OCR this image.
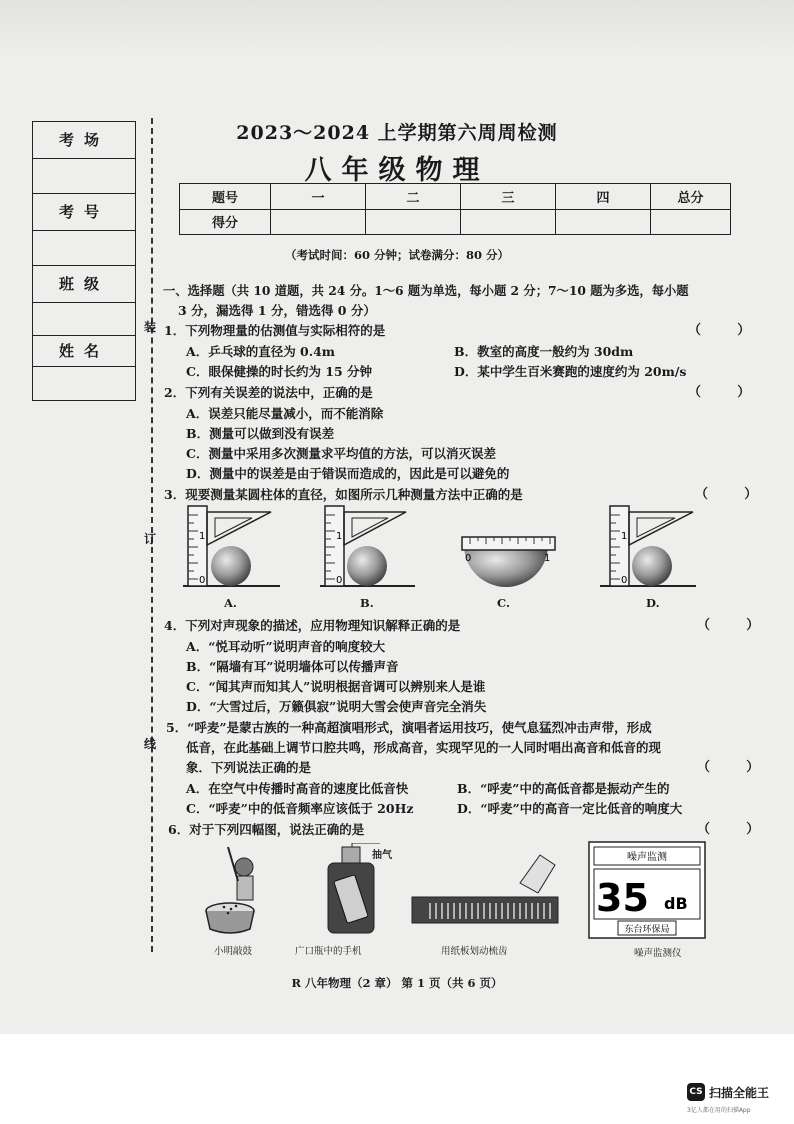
考场
考号
班级
姓名
装
订
线
2023～2024 上学期第六周周检测
八年级物理
题号	一	二	三	四	总分
得分					
（考试时间：60 分钟；试卷满分：80 分）
一、选择题（共 10 道题，共 24 分。1～6 题为单选，每小题 2 分；7～10 题为多选，每小题
3 分，漏选得 1 分，错选得 0 分）
1．下列物理量的估测值与实际相符的是	（        ）
A．乒乓球的直径为 0.4m	B．教室的高度一般约为 30dm
C．眼保健操的时长约为 15 分钟	D．某中学生百米赛跑的速度约为 20m/s
2．下列有关误差的说法中，正确的是	（        ）
A．误差只能尽量减小，而不能消除
B．测量可以做到没有误差
C．测量中采用多次测量求平均值的方法，可以消灭误差
D．测量中的误差是由于错误而造成的，因此是可以避免的
3．现要测量某圆柱体的直径，如图所示几种测量方法中正确的是	（        ）
1
0
1
0
0	1
1
0
A.	B.	C.	D.
4．下列对声现象的描述，应用物理知识解释正确的是	（        ）
A．“悦耳动听”说明声音的响度较大
B．“隔墙有耳”说明墙体可以传播声音
C．“闻其声而知其人”说明根据音调可以辨别来人是谁
D．“大雪过后，万籁俱寂”说明大雪会使声音完全消失
5．“呼麦”是蒙古族的一种高超演唱形式，演唱者运用技巧，使气息猛烈冲击声带，形成
低音，在此基础上调节口腔共鸣，形成高音，实现罕见的一人同时唱出高音和低音的现
象．下列说法正确的是	（        ）
A．在空气中传播时高音的速度比低音快	B．“呼麦”中的高低音都是振动产生的
C．“呼麦”中的低音频率应该低于 20Hz	D．“呼麦”中的高音一定比低音的响度大
6．对于下列四幅图，说法正确的是	（        ）
抽气	噪声监测
35 dB
东台环保局
小明敲鼓	广口瓶中的手机	用纸板划动梳齿	噪声监测仪
R 八年物理（2 章） 第 1 页（共 6 页）
CS 扫描全能王
3亿人都在用的扫描App
